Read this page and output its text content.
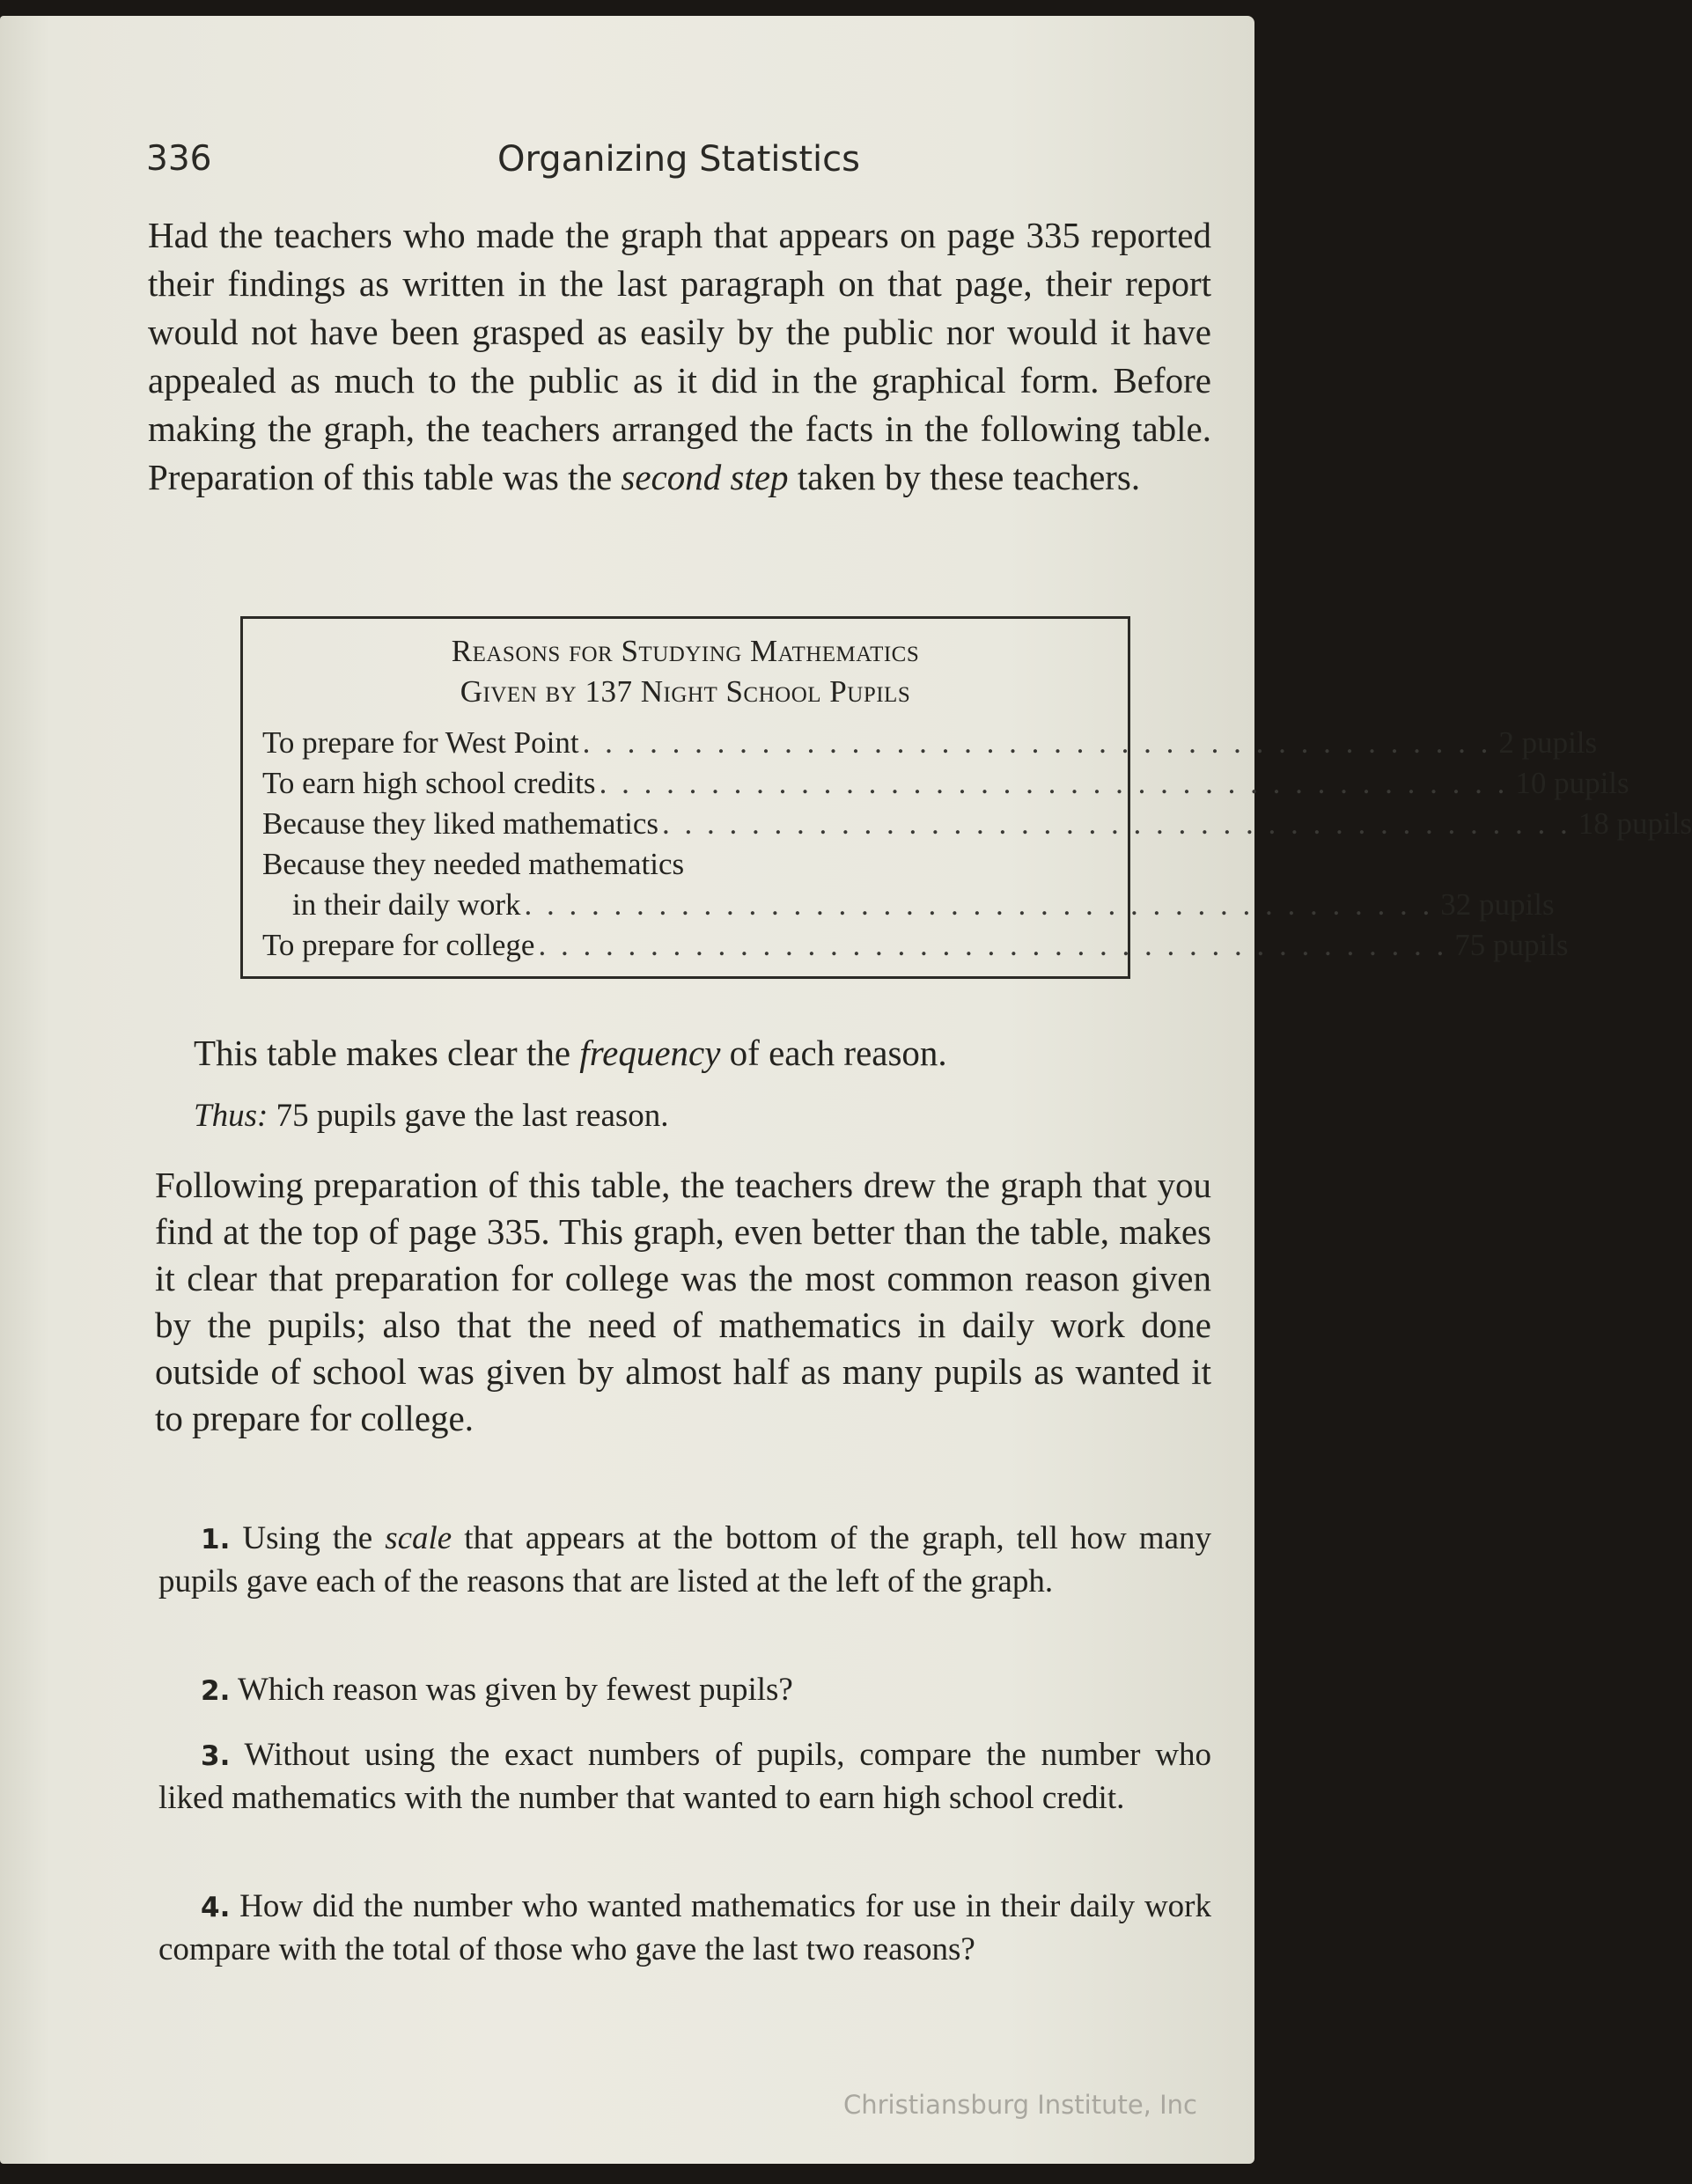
336	Organizing Statistics

Had the teachers who made the graph that appears on page 335 reported their findings as written in the last paragraph on that page, their report would not have been grasped as easily by the public nor would it have appealed as much to the public as it did in the graphical form. Before making the graph, the teachers arranged the facts in the following table. Preparation of this table was the second step taken by these teachers.

Reasons for Studying Mathematics
Given by 137 Night School Pupils
To prepare for West Point . . . . . . . . . . . . . . . . . . . . . . . . . . . . . . . . . . . . . . . . . 2 pupils
To earn high school credits . . . . . . . . . . . . . . . . . . . . . . . . . . . . . . . . . . . . . . . . . 10 pupils
Because they liked mathematics . . . . . . . . . . . . . . . . . . . . . . . . . . . . . . . . . . . . . . . . . 18 pupils
Because they needed mathematics
in their daily work . . . . . . . . . . . . . . . . . . . . . . . . . . . . . . . . . . . . . . . . . 32 pupils
To prepare for college . . . . . . . . . . . . . . . . . . . . . . . . . . . . . . . . . . . . . . . . . 75 pupils

This table makes clear the frequency of each reason.

Thus: 75 pupils gave the last reason.

Following preparation of this table, the teachers drew the graph that you find at the top of page 335. This graph, even better than the table, makes it clear that preparation for college was the most common reason given by the pupils; also that the need of mathematics in daily work done outside of school was given by almost half as many pupils as wanted it to prepare for college.

1. Using the scale that appears at the bottom of the graph, tell how many pupils gave each of the reasons that are listed at the left of the graph.

2. Which reason was given by fewest pupils?

3. Without using the exact numbers of pupils, compare the number who liked mathematics with the number that wanted to earn high school credit.

4. How did the number who wanted mathematics for use in their daily work compare with the total of those who gave the last two reasons?

Christiansburg Institute, Inc
